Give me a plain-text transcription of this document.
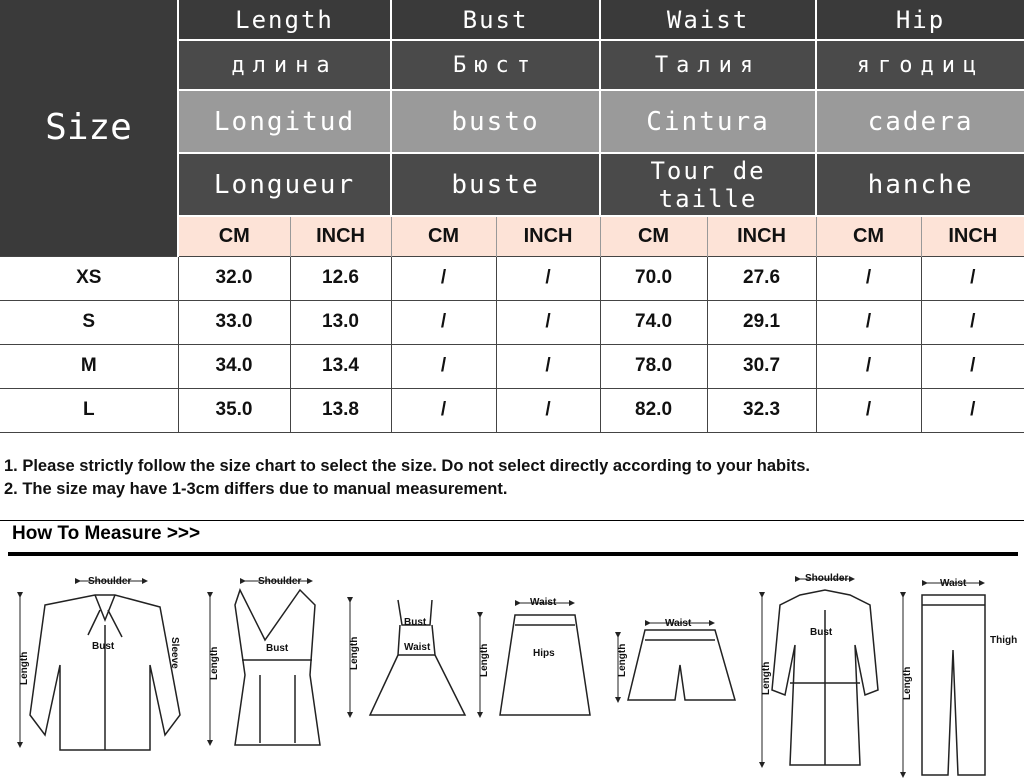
Size	Length		Bust		Waist		Hip	
	длина		Бюст		Талия		ягодиц	
	Longitud		busto		Cintura		cadera	
	Longueur		buste		Tour de taille		hanche	
	CM	INCH	CM	INCH	CM	INCH	CM	INCH
XS	32.0	12.6	/	/	70.0	27.6	/	/
S	33.0	13.0	/	/	74.0	29.1	/	/
M	34.0	13.4	/	/	78.0	30.7	/	/
L	35.0	13.8	/	/	82.0	32.3	/	/
1. Please strictly follow the size chart to select the size. Do not select directly according to your habits.
2. The size may have 1-3cm differs due to manual measurement.
How To Measure >>>
Shoulder
Bust	Sleeve
Length
Shoulder
Bust
Length
Bust
Waist
Length
Waist
Hips
Length
Waist
Length
Shoulder
Bust
Length
Waist
Thigh
Length
